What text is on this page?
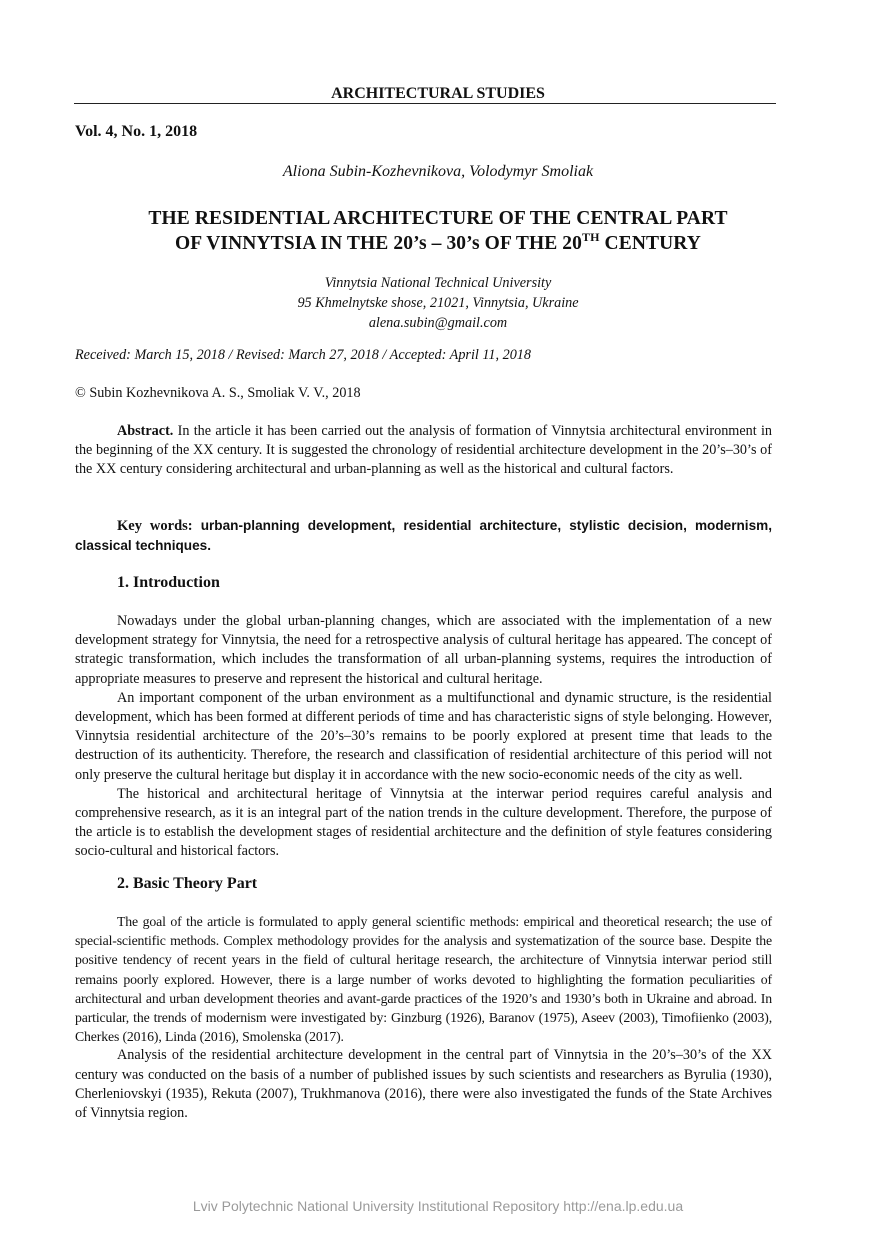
ARCHITECTURAL STUDIES
Vol. 4, No. 1, 2018
Aliona Subin-Kozhevnikova, Volodymyr Smoliak
THE RESIDENTIAL ARCHITECTURE OF THE CENTRAL PART
OF VINNYTSIA IN THE 20’s – 30’s OF THE 20TH CENTURY
Vinnytsia National Technical University
95 Khmelnytske shose, 21021, Vinnytsia, Ukraine
alena.subin@gmail.com
Received: March 15, 2018 / Revised: March 27, 2018 / Accepted: April 11, 2018
© Subin Kozhevnikova A. S., Smoliak V. V., 2018

Abstract. In the article it has been carried out the analysis of formation of Vinnytsia architectural environment in the beginning of the XX century. It is suggested the chronology of residential architecture development in the 20’s–30’s of the XX century considering architectural and urban-planning as well as the historical and cultural factors.

Key words: urban-planning development, residential architecture, stylistic decision, modernism, classical techniques.

1. Introduction

Nowadays under the global urban-planning changes, which are associated with the implementation of a new development strategy for Vinnytsia, the need for a retrospective analysis of cultural heritage has appeared. The concept of strategic transformation, which includes the transformation of all urban-planning systems, requires the introduction of appropriate measures to preserve and represent the historical and cultural heritage.

An important component of the urban environment as a multifunctional and dynamic structure, is the residential development, which has been formed at different periods of time and has characteristic signs of style belonging. However, Vinnytsia residential architecture of the 20’s–30’s remains to be poorly explored at present time that leads to the destruction of its authenticity. Therefore, the research and classification of residential architecture of this period will not only preserve the cultural heritage but display it in accordance with the new socio-economic needs of the city as well.

The historical and architectural heritage of Vinnytsia at the interwar period requires careful analysis and comprehensive research, as it is an integral part of the nation trends in the culture development. Therefore, the purpose of the article is to establish the development stages of residential architecture and the definition of style features considering socio-cultural and historical factors.

2. Basic Theory Part

The goal of the article is formulated to apply general scientific methods: empirical and theoretical research; the use of special-scientific methods. Complex methodology provides for the analysis and systematization of the source base. Despite the positive tendency of recent years in the field of cultural heritage research, the architecture of Vinnytsia interwar period still remains poorly explored. However, there is a large number of works devoted to highlighting the formation peculiarities of architectural and urban development theories and avant-garde practices of the 1920’s and 1930’s both in Ukraine and abroad. In particular, the trends of modernism were investigated by: Ginzburg (1926), Baranov (1975), Aseev (2003), Timofiienko (2003), Cherkes (2016), Linda (2016), Smolenska (2017).

Analysis of the residential architecture development in the central part of Vinnytsia in the 20’s–30’s of the XX century was conducted on the basis of a number of published issues by such scientists and researchers as Byrulia (1930), Cherleniovskyi (1935), Rekuta (2007), Trukhmanova (2016), there were also investigated the funds of the State Archives of Vinnytsia region.

Lviv Polytechnic National University Institutional Repository http://ena.lp.edu.ua
